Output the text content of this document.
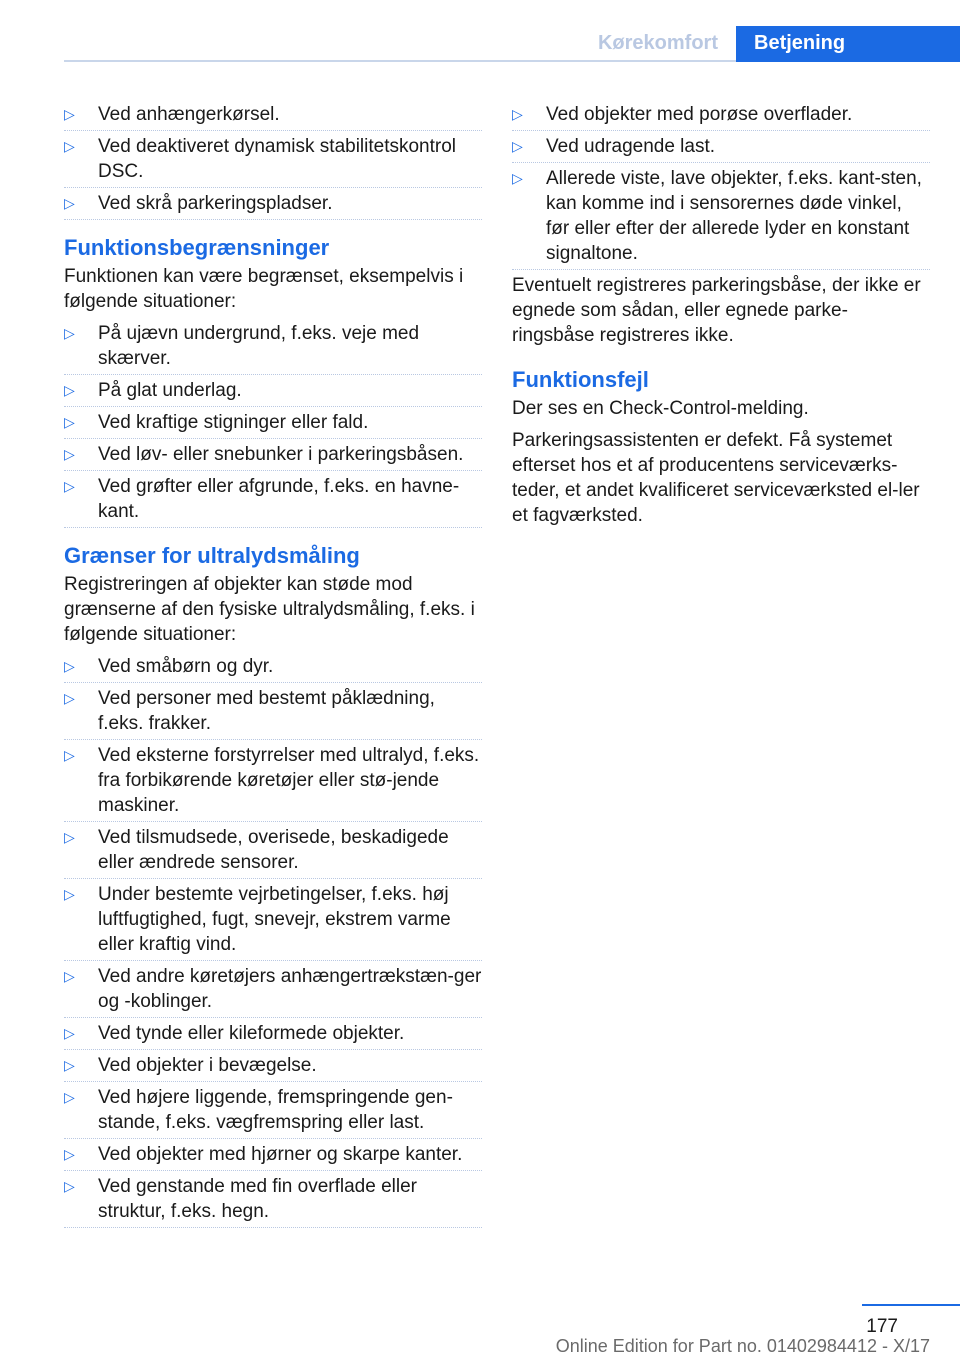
Kørekomfort	Betjening
▷ Ved anhængerkørsel.
▷ Ved deaktiveret dynamisk stabilitetskontrol DSC.
▷ Ved skrå parkeringspladser.
Funktionsbegrænsninger

Funktionen kan være begrænset, eksempelvis i følgende situationer:

▷ På ujævn undergrund, f.eks. veje med skærver.
▷ På glat underlag.
▷ Ved kraftige stigninger eller fald.
▷ Ved løv- eller snebunker i parkeringsbåsen.
▷ Ved grøfter eller afgrunde, f.eks. en havne-kant.
Grænser for ultralydsmåling

Registreringen af objekter kan støde mod grænserne af den fysiske ultralydsmåling, f.eks. i følgende situationer:

▷ Ved småbørn og dyr.
▷ Ved personer med bestemt påklædning, f.eks. frakker.
▷ Ved eksterne forstyrrelser med ultralyd, f.eks. fra forbikørende køretøjer eller stø-jende maskiner.
▷ Ved tilsmudsede, overisede, beskadigede eller ændrede sensorer.
▷ Under bestemte vejrbetingelser, f.eks. høj luftfugtighed, fugt, snevejr, ekstrem varme eller kraftig vind.
▷ Ved andre køretøjers anhængertrækstæn-ger og -koblinger.
▷ Ved tynde eller kileformede objekter.
▷ Ved objekter i bevægelse.
▷ Ved højere liggende, fremspringende gen-stande, f.eks. vægfremspring eller last.
▷ Ved objekter med hjørner og skarpe kanter.
▷ Ved genstande med fin overflade eller struktur, f.eks. hegn.
▷ Ved objekter med porøse overflader.
▷ Ved udragende last.
▷ Allerede viste, lave objekter, f.eks. kant-sten, kan komme ind i sensorernes døde vinkel, før eller efter der allerede lyder en konstant signaltone.

Eventuelt registreres parkeringsbåse, der ikke er egnede som sådan, eller egnede parke-ringsbåse registreres ikke.

Funktionsfejl

Der ses en Check-Control-melding.

Parkeringsassistenten er defekt. Få systemet efterset hos et af producentens serviceværks-teder, et andet kvalificeret serviceværksted el-ler et fagværksted.

177
Online Edition for Part no. 01402984412 - X/17
